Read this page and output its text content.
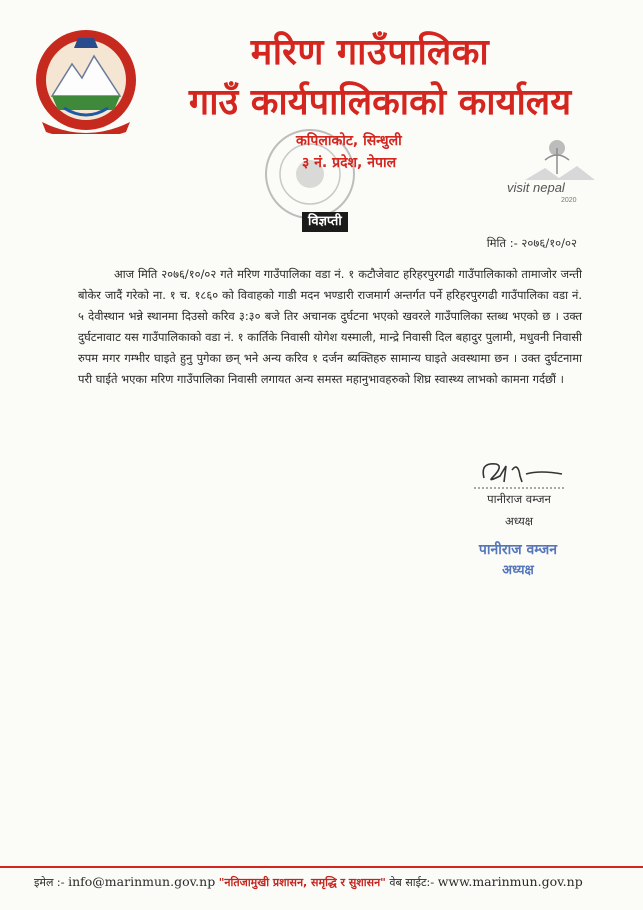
मरिण गाउँपालिका
गाउँ कार्यपालिकाको कार्यालय
कपिलाकोट, सिन्धुली
३ नं. प्रदेश, नेपाल
विज्ञप्ती
visit nepal
2020
मिति :- २०७६/१०/०२
आज मिति २०७६/१०/०२ गते मरिण गाउँपालिका वडा नं. १ कटौजेवाट हरिहरपुरगढी गाउँपालिकाको तामाजोर जन्ती बोकेर जादैं गरेको ना. १ च. १८६० को विवाहको गाडी मदन भण्डारी राजमार्ग अन्तर्गत पर्ने हरिहरपुरगढी गाउँपालिका वडा नं. ५ देवीस्थान भन्ने स्थानमा दिउसो करिव ३:३० बजे तिर अचानक दुर्घटना भएको खवरले गाउँपालिका स्तब्ध भएको छ । उक्त दुर्घटनावाट यस गाउँपालिकाको वडा नं. १ कार्तिके निवासी योगेश यस्माली, मान्द्रे निवासी दिल बहादुर पुलामी, मधुवनी निवासी रुपम मगर गम्भीर घाइते हुनु पुगेका छन् भने अन्य करिव १ दर्जन ब्यक्तिहरु सामान्य घाइते अवस्थामा छन । उक्त दुर्घटनामा परी घाईते भएका मरिण गाउँपालिका निवासी लगायत अन्य समस्त महानुभावहरुको शिघ्र स्वास्थ्य लाभको कामना गर्दछौं ।
पानीराज वम्जन
अध्यक्ष
पानीराज वम्जन
अध्यक्ष
इमेल :- info@marinmun.gov.np "नतिजामुखी प्रशासन, समृद्धि र सुशासन" वेब साईट:- www.marinmun.gov.np
